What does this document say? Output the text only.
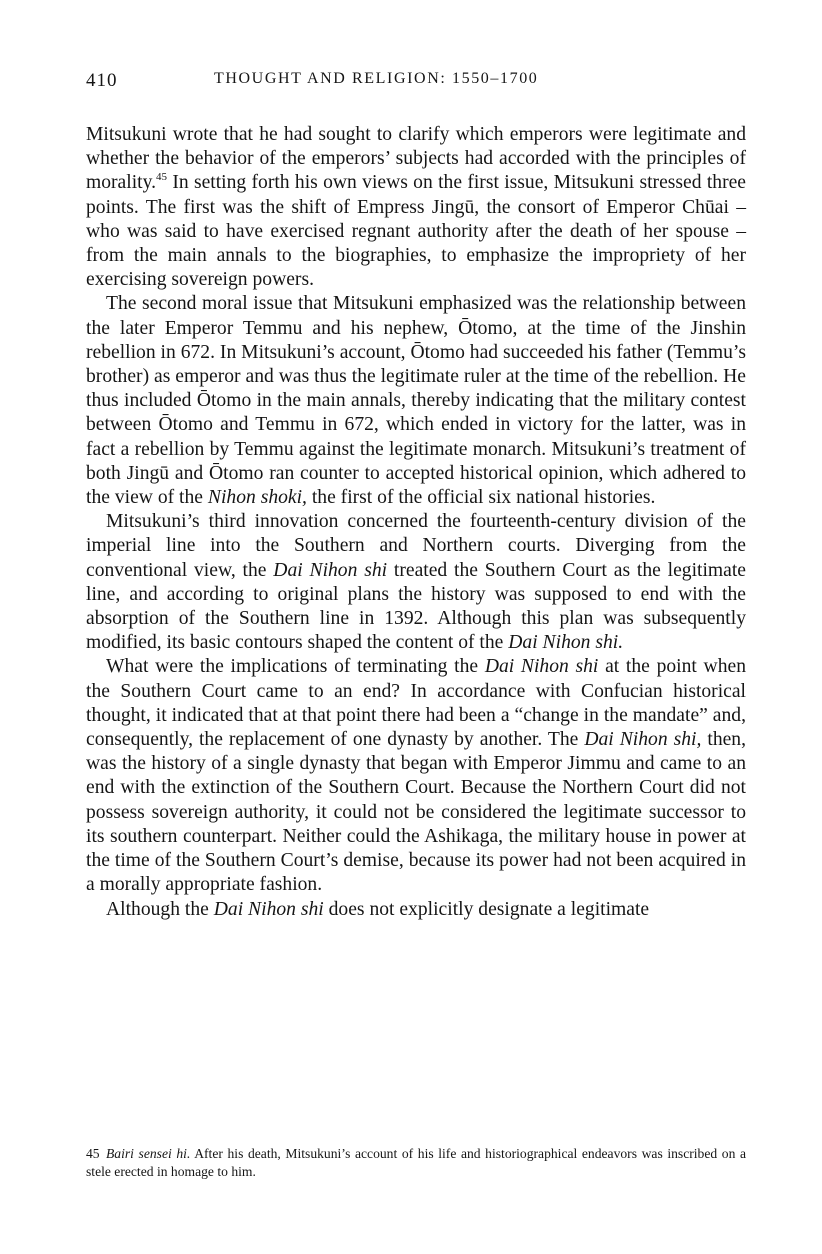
410	THOUGHT AND RELIGION: 1550–1700

Mitsukuni wrote that he had sought to clarify which emperors were legitimate and whether the behavior of the emperors’ subjects had accorded with the principles of morality.$^{45}$ In setting forth his own views on the first issue, Mitsukuni stressed three points. The first was the shift of Empress Jingū, the consort of Emperor Chūai – who was said to have exercised regnant authority after the death of her spouse – from the main annals to the biographies, to emphasize the impropriety of her exercising sovereign powers.

The second moral issue that Mitsukuni emphasized was the relationship between the later Emperor Temmu and his nephew, Ōtomo, at the time of the Jinshin rebellion in 672. In Mitsukuni’s account, Ōtomo had succeeded his father (Temmu’s brother) as emperor and was thus the legitimate ruler at the time of the rebellion. He thus included Ōtomo in the main annals, thereby indicating that the military contest between Ōtomo and Temmu in 672, which ended in victory for the latter, was in fact a rebellion by Temmu against the legitimate monarch. Mitsukuni’s treatment of both Jingū and Ōtomo ran counter to accepted historical opinion, which adhered to the view of the Nihon shoki, the first of the official six national histories.

Mitsukuni’s third innovation concerned the fourteenth-century division of the imperial line into the Southern and Northern courts. Diverging from the conventional view, the Dai Nihon shi treated the Southern Court as the legitimate line, and according to original plans the history was supposed to end with the absorption of the Southern line in 1392. Although this plan was subsequently modified, its basic contours shaped the content of the Dai Nihon shi.

What were the implications of terminating the Dai Nihon shi at the point when the Southern Court came to an end? In accordance with Confucian historical thought, it indicated that at that point there had been a “change in the mandate” and, consequently, the replacement of one dynasty by another. The Dai Nihon shi, then, was the history of a single dynasty that began with Emperor Jimmu and came to an end with the extinction of the Southern Court. Because the Northern Court did not possess sovereign authority, it could not be considered the legitimate successor to its southern counterpart. Neither could the Ashikaga, the military house in power at the time of the Southern Court’s demise, because its power had not been acquired in a morally appropriate fashion.

Although the Dai Nihon shi does not explicitly designate a legitimate

45 Bairi sensei hi. After his death, Mitsukuni’s account of his life and historiographical endeavors was inscribed on a stele erected in homage to him.
